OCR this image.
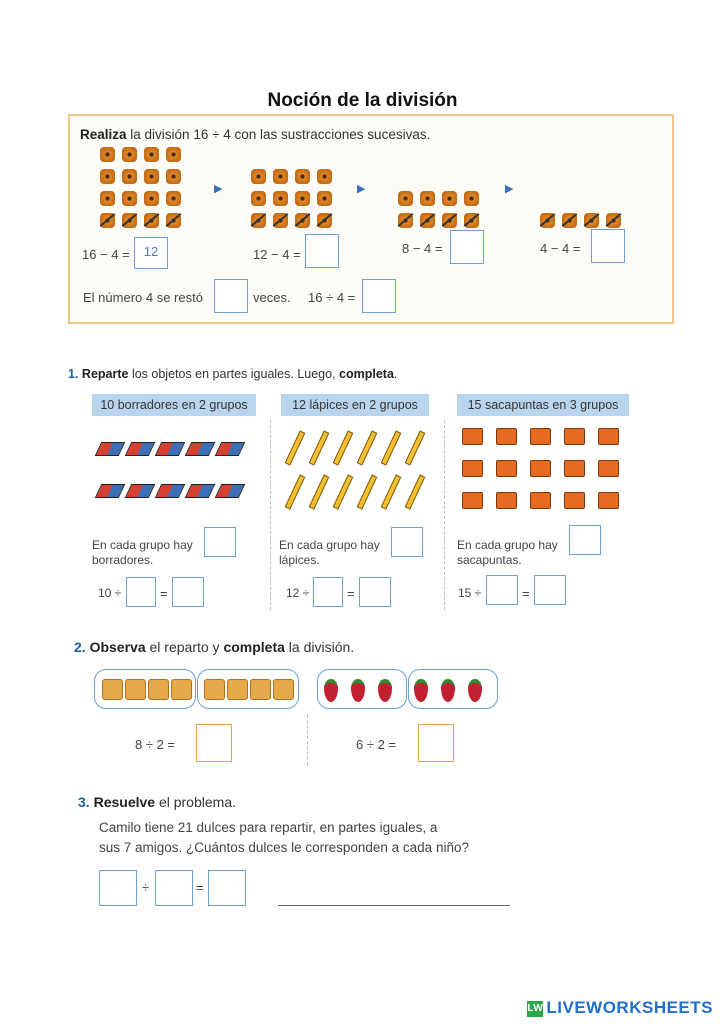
Noción de la división
Realiza la división 16 ÷ 4 con las sustracciones sucesivas.
▶	▶	▶
16 − 4 =	12	12 − 4 =	8 − 4 =	4 − 4 =
El número 4 se restó	veces. 16 ÷ 4 =
1. Reparte los objetos en partes iguales. Luego, completa.
10 borradores en 2 grupos	12 lápices en 2 grupos	15 sacapuntas en 3 grupos
En cada grupo hay
borradores.
10 ÷	=
En cada grupo hay
lápices.
12 ÷	=
En cada grupo hay
sacapuntas.
15 ÷	=
2. Observa el reparto y completa la división.
8 ÷ 2 =	6 ÷ 2 =
3. Resuelve el problema.
Camilo tiene 21 dulces para repartir, en partes iguales, a
sus 7 amigos. ¿Cuántos dulces le corresponden a cada niño?
÷	=
LW LIVEWORKSHEETS
